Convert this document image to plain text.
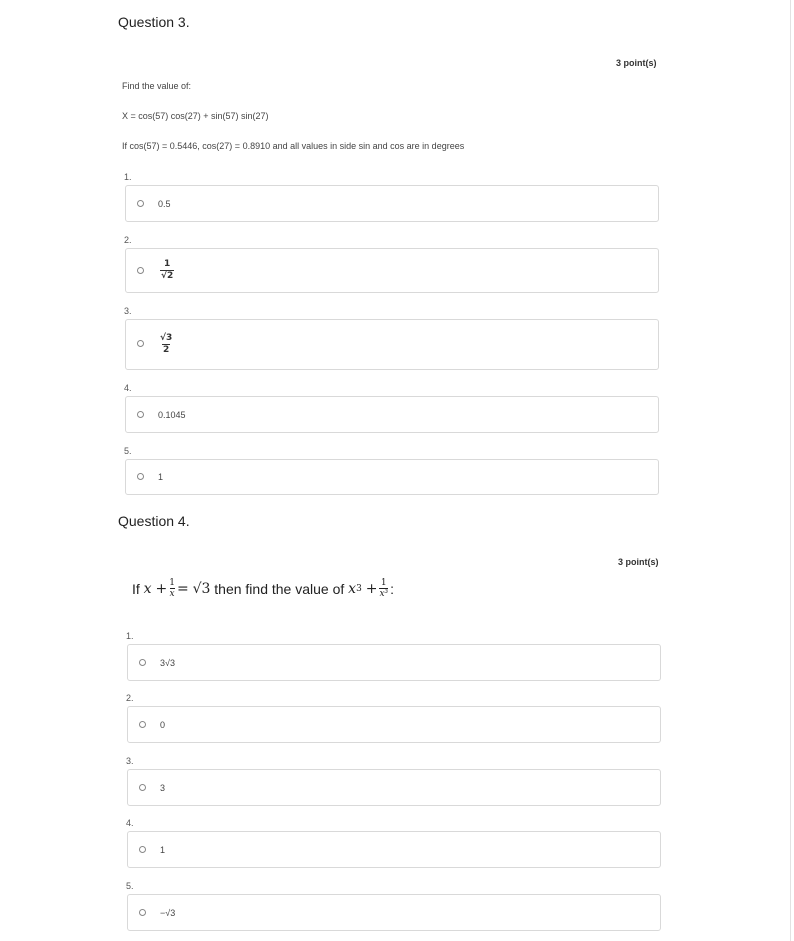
Question 3.
3 point(s)
Find the value of:
X = cos(57) cos(27) + sin(57) sin(27)
If cos(57) = 0.5446, cos(27) = 0.8910 and all values in side sin and cos are in degrees
1.
0.5
2.
$\frac{1}{√2}$
3.
$\frac{√3}{2}$
4.
0.1045
5.
1
Question 4.
3 point(s)
If
x
+ $\frac{1}{x}$ =
√3
then find the value of
x 3
+ $\frac{1}{\text{x³}}$ :
1.
3√3
2.
0
3.
3
4.
1
5.
−√3
